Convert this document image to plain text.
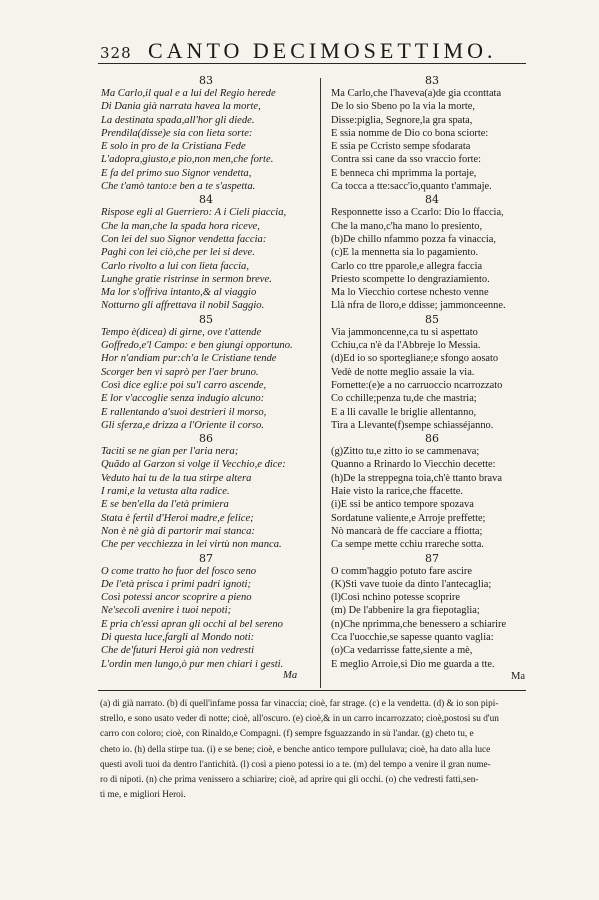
328 CANTO DECIMOSETTIMO.
83
Ma Carlo,il qual e a lui del Regio herede
Di Dania già narrata havea la morte,
La destinata spada,all'hor gli diede.
Prendila(disse)e sia con lieta sorte:
E solo in pro de la Cristiana Fede
L'adopra,giusto,e pio,non men,che forte.
E fa del primo suo Signor vendetta,
Che t'amò tanto:e ben a te s'aspetta.
84
Rispose egli al Guerriero: A i Cieli piaccia,
Che la man,che la spada hora riceve,
Con lei del suo Signor vendetta faccia:
Paghi con lei ciò,che per lei si deve.
Carlo rivolto a lui con lieta faccia,
Lunghe gratie ristrinse in sermon breve.
Ma lor s'offriva intanto,& al viaggio
Notturno gli affrettava il nobil Saggio.
85
Tempo è(dicea) di girne, ove t'attende
Goffredo,e'l Campo: e ben giungi opportuno.
Hor n'andiam pur:ch'a le Cristiane tende
Scorger ben vi saprò per l'aer bruno.
Così dice egli:e poi su'l carro ascende,
E lor v'accoglie senza indugio alcuno:
E rallentando a'suoi destrieri il morso,
Gli sferza,e drizza a l'Oriente il corso.
86
Taciti se ne gian per l'aria nera;
Quãdo al Garzon si volge il Vecchio,e dice:
Veduto hai tu de la tua stirpe altera
I rami,e la vetusta alta radice.
E se ben'ella da l'età primiera
Stata è fertil d'Heroi madre,e felice;
Non è nè già di partorir mai stanca:
Che per vecchiezza in lei virtù non manca.
87
O come tratto ho fuor del fosco seno
De l'età prisca i primi padri ignoti;
Così potessi ancor scoprire a pieno
Ne'secoli avenire i tuoi nepoti;
E pria ch'essi apran gli occhi al bel sereno
Di questa luce,fargli al Mondo noti:
Che de'futuri Heroi già non vedresti
L'ordin men lungo,ò pur men chiari i gesti.
83
Ma Carlo,che l'haveva(a)de gia cconttata
De lo sio Sbeno po la via la morte,
Disse:piglia, Segnore,la gra spata,
E ssia nomme de Dio co bona sciorte:
E ssia pe Ccristo sempe sfodarata
Contra ssi cane da sso vraccio forte:
E benneca chi mprimma la portaje,
Ca tocca a tte:sacc'io,quanto t'ammaje.
84
Responnette isso a Ccarlo: Dio lo ffaccia,
Che la mano,c'ha mano lo presiento,
(b)De chillo nfammo pozza fa vinaccia,
(c)E la mennetta sia lo pagamiento.
Carlo co ttre pparole,e allegra faccia
Priesto scompette lo dengraziamiento.
Ma lo Viecchio cortese nchesto venne
Llà nfra de lloro,e ddisse; jammonceenne.
85
Via jammoncenne,ca tu si aspettato
Cchiu,ca n'è da l'Abbreje lo Messia.
(d)Ed io so sportegliane;e sfongo aosato
Vedè de notte meglio assaie la via.
Fornette:(e)e a no carruoccio ncarrozzato
Co cchille;penza tu,de che mastria;
E a lli cavalle le briglie allentanno,
Tira a Llevante(f)sempe schiasséjanno.
86
(g)Zitto tu,e zitto io se cammenava;
Quanno a Rrinardo lo Viecchio decette:
(h)De la streppegna toia,ch'è ttanto brava
Haie visto la rarice,che ffacette.
(i)E ssi be antico tempore spozava
Sordatune valiente,e Arroje preffette;
Nò mancarà de ffe cacciare a ffiotta;
Ca sempe mette cchiu rrareche sotta.
87
O comm'haggio potuto fare ascire
(K)Sti vave tuoie da dinto l'antecaglia;
(l)Così nchino potesse scoprire
(m) De l'abbenire la gra fiepotaglia;
(n)Che nprimma,che benessero a schiarire
Cca l'uocchie,se sapesse quanto vaglia:
(o)Ca vedarrisse fatte,siente a mè,
E meglio Arroie,si Dio me guarda a tte.
Ma	Ma
(a) di già narrato. (b) di quell'infame possa far vinaccia; cioè, far strage. (c) e la vendetta. (d) & io son pipi-
strello, e sono usato veder di notte; cioè, all'oscuro. (e) cioè,& in un carro incarrozzato; cioè,postosi su d'un
carro con coloro; cioè, con Rinaldo,e Compagni. (f) sempre fsguazzando in sù l'andar. (g) cheto tu, e
cheto io. (h) della stirpe tua. (i) e se bene; cioè, e benche antico tempore pullulava; cioè, ha dato alla luce
questi avoli tuoi da dentro l'antichità. (l) così a pieno potessi io a te. (m) del tempo a venire il gran nume-
ro di nipoti. (n) che prima venissero a schiarire; cioè, ad aprire qui gli occhi. (o) che vedresti fatti,sen-
ti me, e migliori Heroi.
